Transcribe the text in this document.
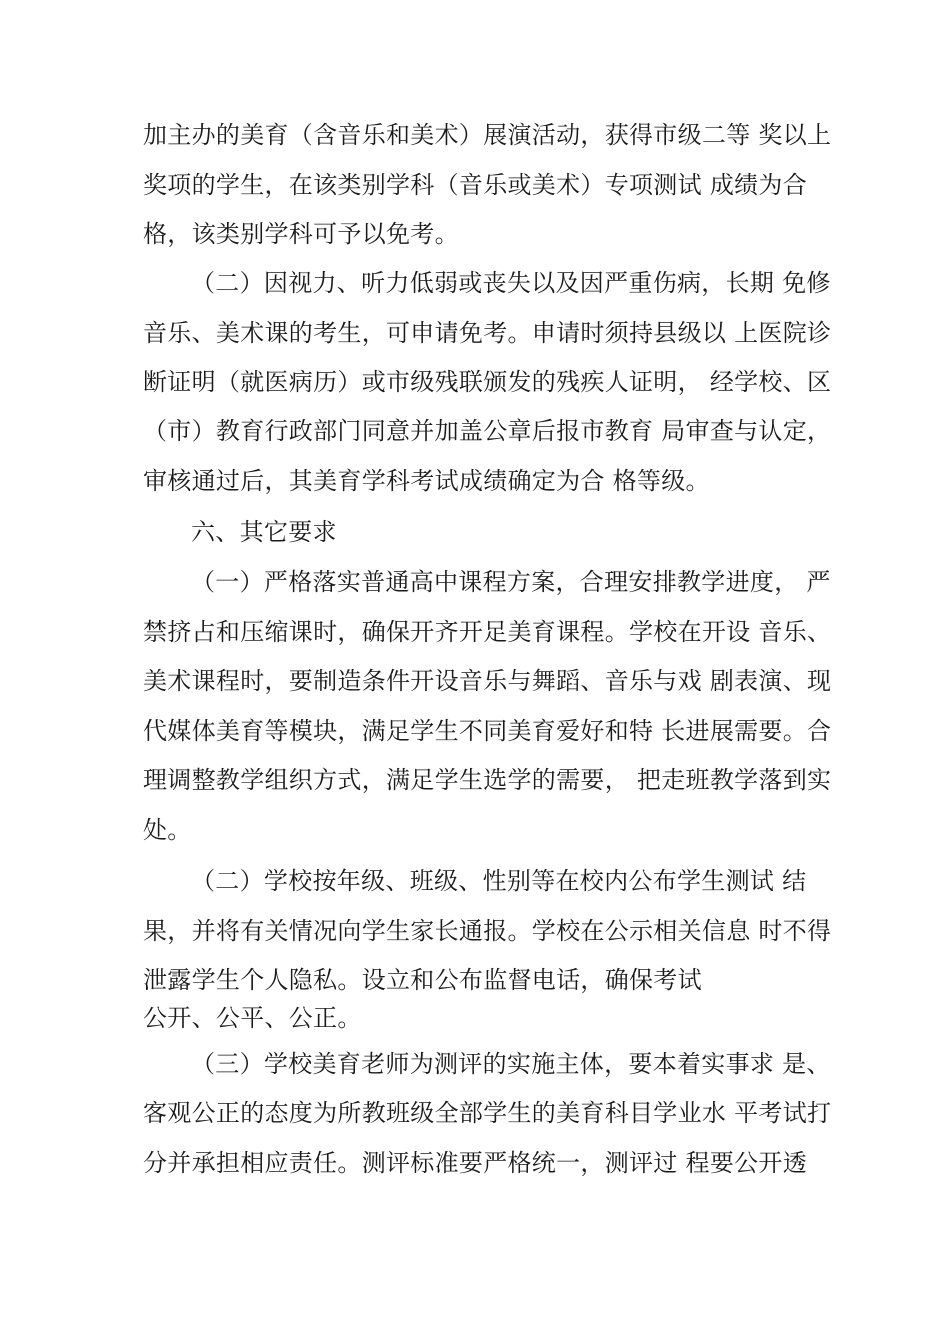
加主办的美育（含音乐和美术）展演活动，获得市级二等 奖以上
奖项的学生，在该类别学科（音乐或美术）专项测试 成绩为合
格，该类别学科可予以免考。
（二）因视力、听力低弱或丧失以及因严重伤病，长期 免修
音乐、美术课的考生，可申请免考。申请时须持县级以 上医院诊
断证明（就医病历）或市级残联颁发的残疾人证明， 经学校、区
（市）教育行政部门同意并加盖公章后报市教育 局审查与认定，
审核通过后，其美育学科考试成绩确定为合 格等级。
六、其它要求
（一）严格落实普通高中课程方案，合理安排教学进度， 严
禁挤占和压缩课时，确保开齐开足美育课程。学校在开设 音乐、
美术课程时，要制造条件开设音乐与舞蹈、音乐与戏 剧表演、现
代媒体美育等模块，满足学生不同美育爱好和特 长进展需要。合
理调整教学组织方式，满足学生选学的需要， 把走班教学落到实
处。
（二）学校按年级、班级、性别等在校内公布学生测试 结
果，并将有关情况向学生家长通报。学校在公示相关信息 时不得
泄露学生个人隐私。设立和公布监督电话，确保考试
公开、公平、公正。
（三）学校美育老师为测评的实施主体，要本着实事求 是、
客观公正的态度为所教班级全部学生的美育科目学业水 平考试打
分并承担相应责任。测评标准要严格统一，测评过 程要公开透
